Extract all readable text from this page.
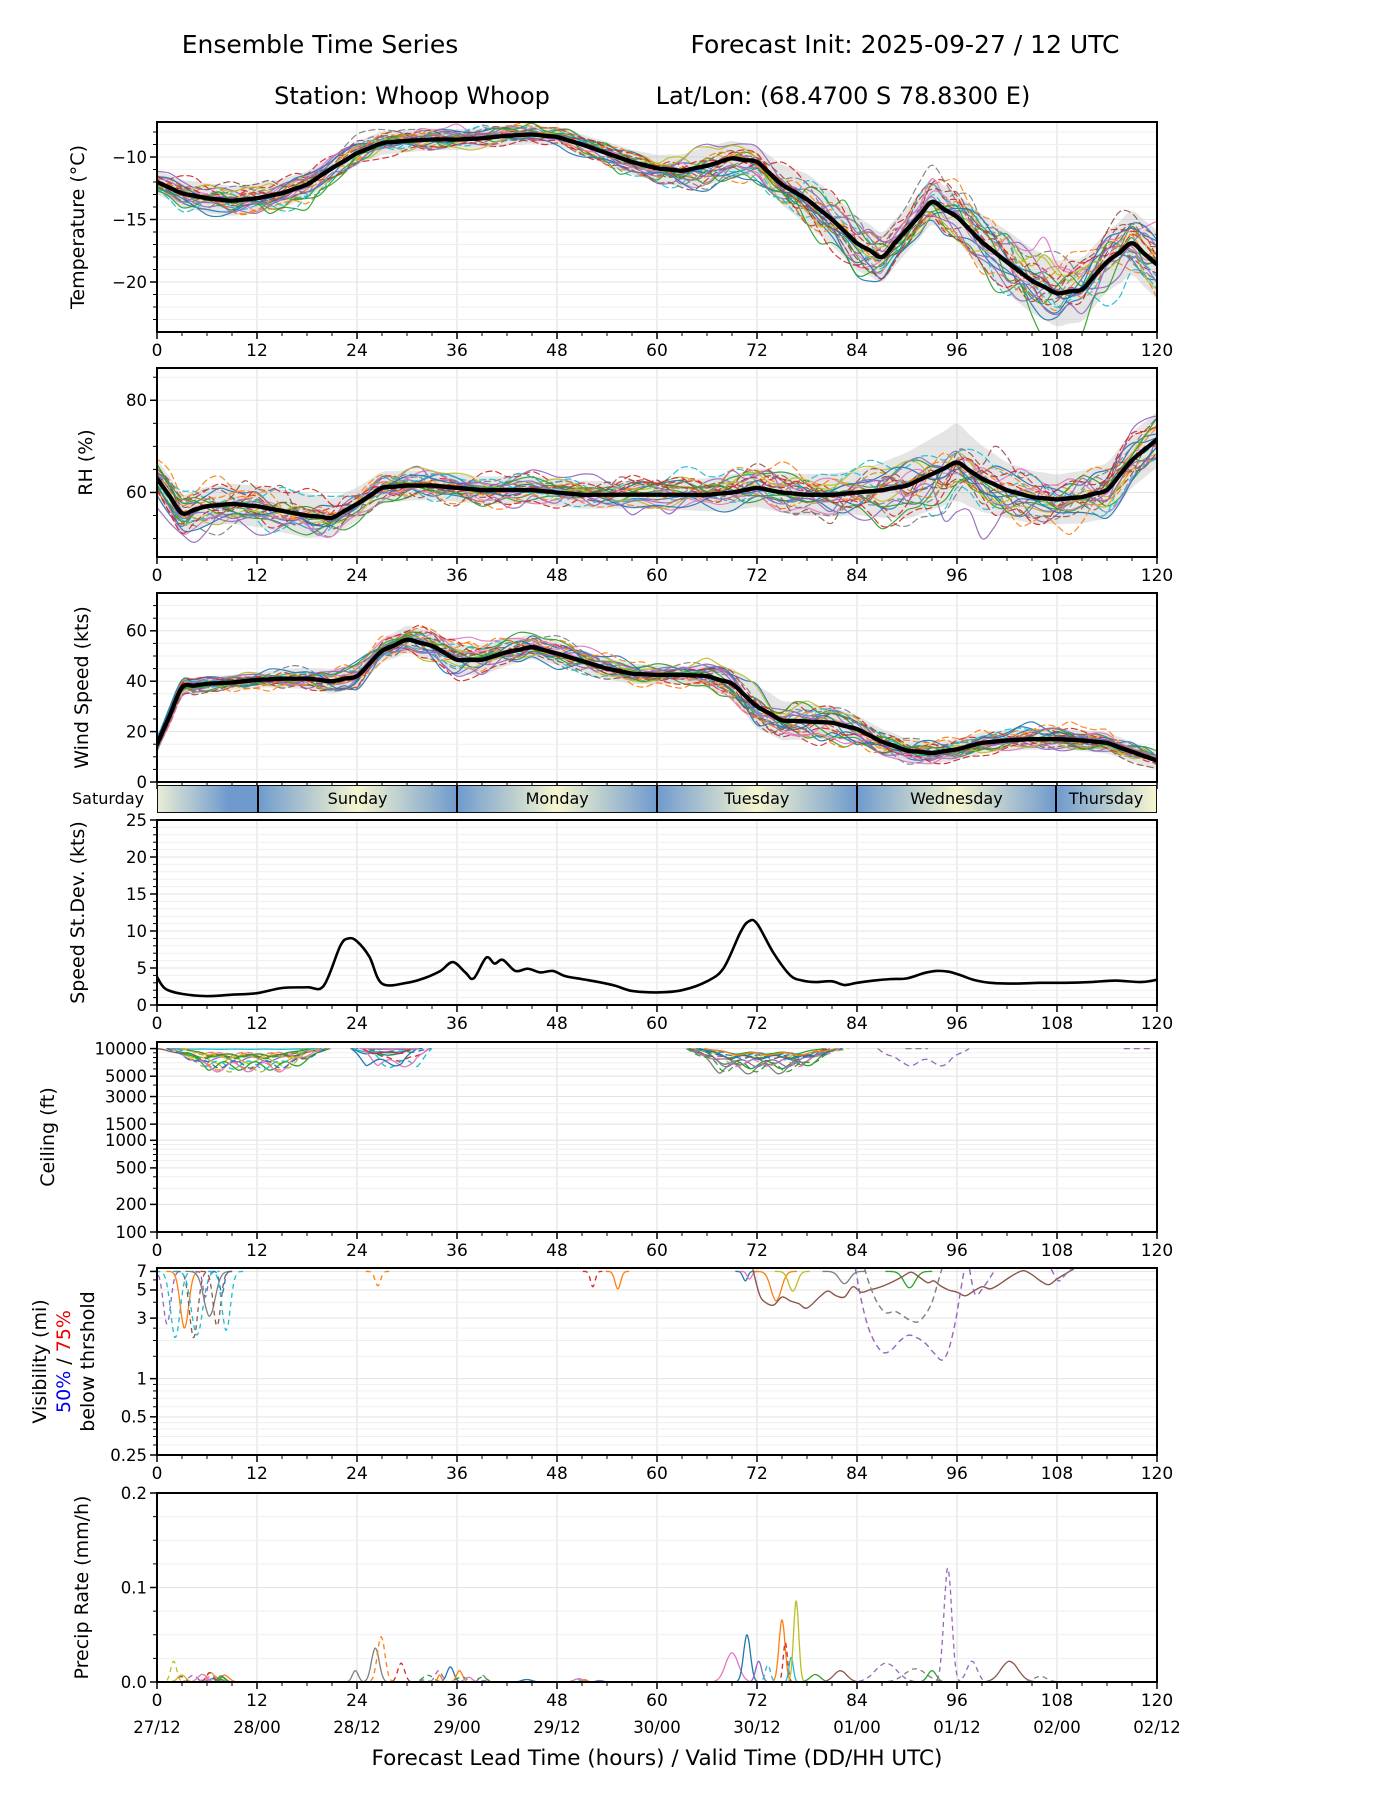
Ensemble Time Series	Forecast Init: 2025-09-27 / 12 UTC
Station: Whoop Whoop	Lat/Lon: (68.4700 S 78.8300 E)
0	12	24	36	48	60	72	84	96	108	120
−20
−15
−10
Temperature (°C)
0	12	24	36	48	60	72	84	96	108	120
60
80
RH (%)
0
20
40
60
Wind Speed (kts)
0	12	24	36	48	60	72	84	96	108	120
0
5
10
15
20
25
Speed St.Dev. (kts)
0	12	24	36	48	60	72	84	96	108	120
100
200
500
1000
1500
3000
5000
10000
Ceiling (ft)
0	12	24	36	48	60	72	84	96	108	120
0.25
0.5
1
3
5
7
Visibility (mi) 50% / 75% below thrshold
0	12	24	36	48	60	72	84	96	108	120
0.0
0.1
0.2
Precip Rate (mm/h)
27/12	28/00	28/12	29/00	29/12	30/00	30/12	01/00	01/12	02/00	02/12
Forecast Lead Time (hours) / Valid Time (DD/HH UTC)
Sunday	Monday	Tuesday	Wednesday	Thursday
Saturday
